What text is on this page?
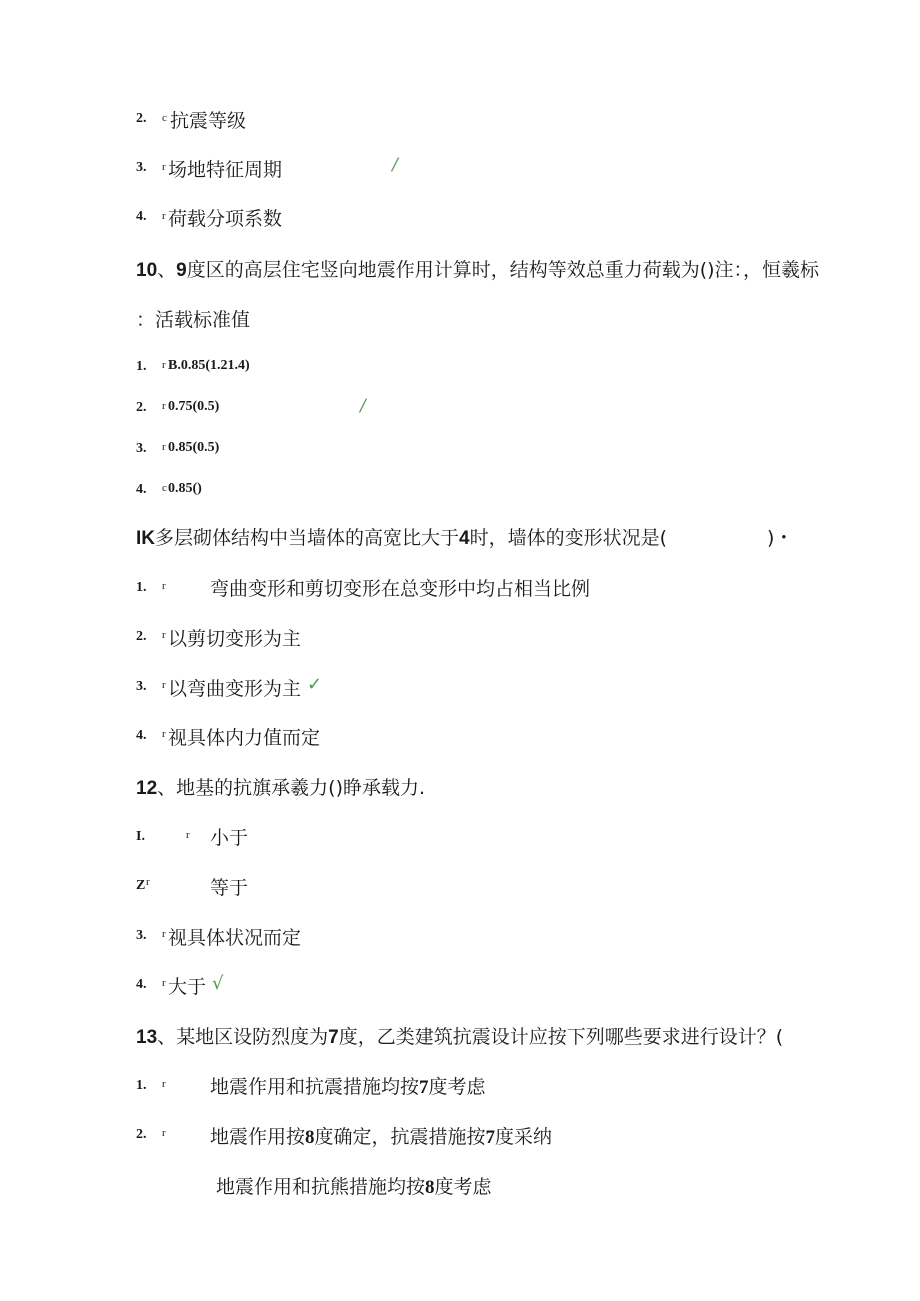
2. c 抗震等级
3. r 场地特征周期	/
4. r 荷载分项系数
10、9度区的高层住宅竖向地震作用计算时，结构等效总重力荷载为()注：，恒羲标
：活载标准值
1. r B.0.85(1.21.4)
2. r 0.75(0.5)	/
3. r 0.85(0.5)
4. c 0.85()
IK多层砌体结构中当墙体的高宽比大于4时，墙体的变形状况是(	)・
1. r 弯曲变形和剪切变形在总变形中均占相当比例
2. r 以剪切变形为主
3. r 以弯曲变形为主 ✓
4. r 视具体内力值而定
12、地基的抗旗承羲力()睁承载力.
I.	r 小于
Z r	等于
3. r 视具体状况而定
4. r 大于 √
13、某地区设防烈度为7度，乙类建筑抗震设计应按下列哪些要求进行设计？(
1. r 地震作用和抗震措施均按7度考虑
2. r 地震作用按8度确定，抗震措施按7度采纳
地震作用和抗熊措施均按8度考虑
